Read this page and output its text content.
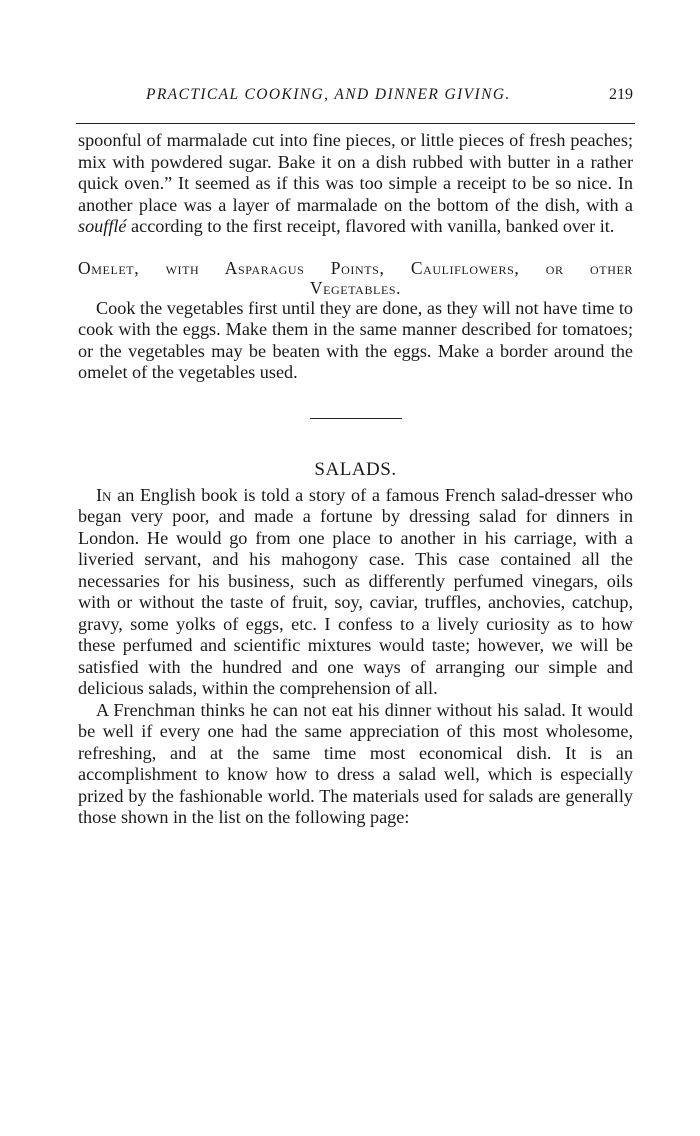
PRACTICAL COOKING, AND DINNER GIVING.	219

spoonful of marmalade cut into fine pieces, or little pieces of fresh peaches; mix with powdered sugar. Bake it on a dish rubbed with butter in a rather quick oven.” It seemed as if this was too simple a receipt to be so nice. In another place was a layer of marmalade on the bottom of the dish, with a soufflé according to the first receipt, flavored with vanilla, banked over it.

Omelet, with Asparagus Points, Cauliflowers, or other
Vegetables.

Cook the vegetables first until they are done, as they will not have time to cook with the eggs. Make them in the same manner described for tomatoes; or the vegetables may be beaten with the eggs. Make a border around the omelet of the vegetables used.

SALADS.

In an English book is told a story of a famous French salad-dresser who began very poor, and made a fortune by dressing salad for dinners in London. He would go from one place to another in his carriage, with a liveried servant, and his mahogony case. This case contained all the necessaries for his business, such as differently perfumed vinegars, oils with or without the taste of fruit, soy, caviar, truffles, anchovies, catchup, gravy, some yolks of eggs, etc. I confess to a lively curiosity as to how these perfumed and scientific mixtures would taste; however, we will be satisfied with the hundred and one ways of arranging our simple and delicious salads, within the comprehension of all.

A Frenchman thinks he can not eat his dinner without his salad. It would be well if every one had the same appreciation of this most wholesome, refreshing, and at the same time most economical dish. It is an accomplishment to know how to dress a salad well, which is especially prized by the fashionable world. The materials used for salads are generally those shown in the list on the following page:
